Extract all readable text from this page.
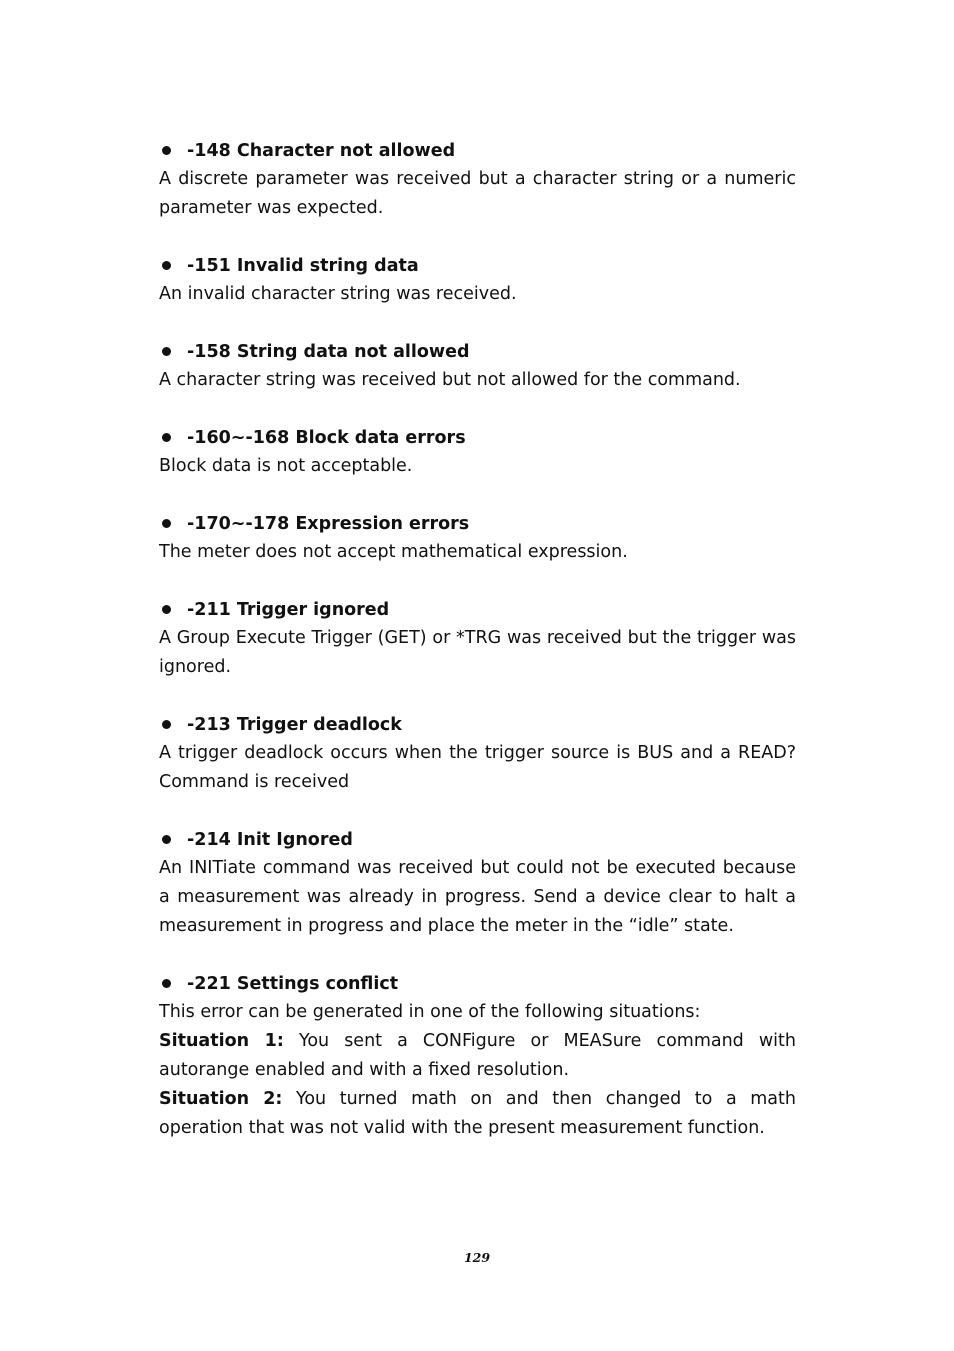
-148 Character not allowed
A discrete parameter was received but a character string or a numeric parameter was expected.
-151 Invalid string data
An invalid character string was received.
-158 String data not allowed
A character string was received but not allowed for the command.
-160~-168 Block data errors
Block data is not acceptable.
-170~-178 Expression errors
The meter does not accept mathematical expression.
-211 Trigger ignored
A Group Execute Trigger (GET) or *TRG was received but the trigger was ignored.
-213 Trigger deadlock
A trigger deadlock occurs when the trigger source is BUS and a READ? Command is received
-214 Init Ignored
An INITiate command was received but could not be executed because a measurement was already in progress. Send a device clear to halt a measurement in progress and place the meter in the “idle” state.
-221 Settings conflict
This error can be generated in one of the following situations:
Situation 1: You sent a CONFigure or MEASure command with autorange enabled and with a fixed resolution.
Situation 2: You turned math on and then changed to a math operation that was not valid with the present measurement function.
129
